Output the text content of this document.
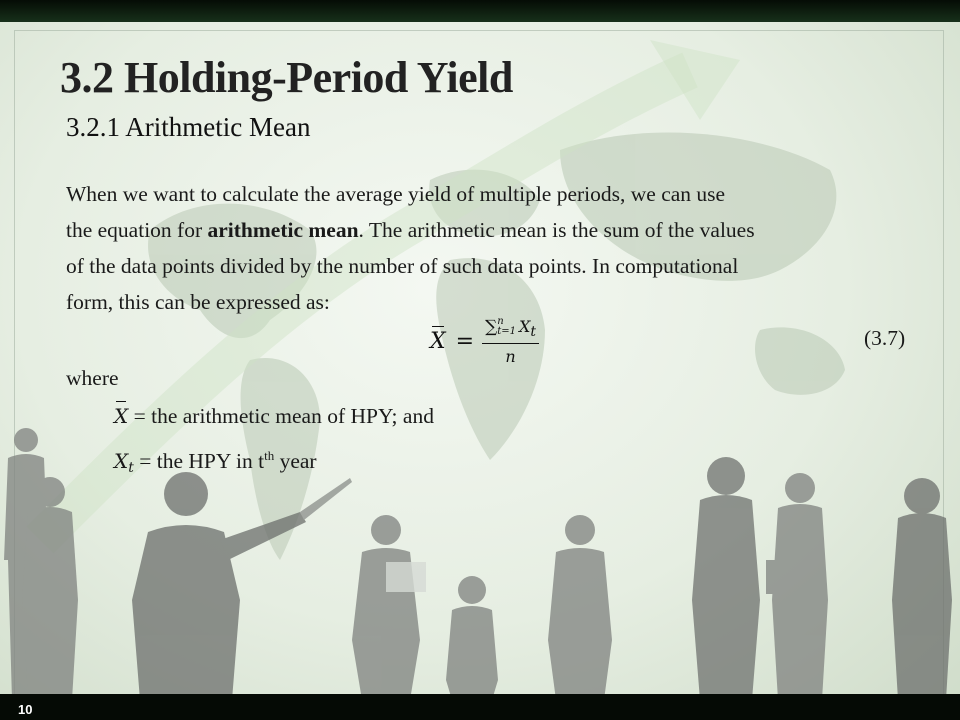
3.2 Holding-Period Yield
3.2.1 Arithmetic Mean

When we want to calculate the average yield of multiple periods, we can use
the equation for arithmetic mean. The arithmetic mean is the sum of the values
of the data points divided by the number of such data points. In computational
form, this can be expressed as:

X = ∑ n
t=1 Xt
n	(3.7)
where
X = the arithmetic mean of HPY; and
$X_t$ = the HPY in $t^{th}$ year
10
